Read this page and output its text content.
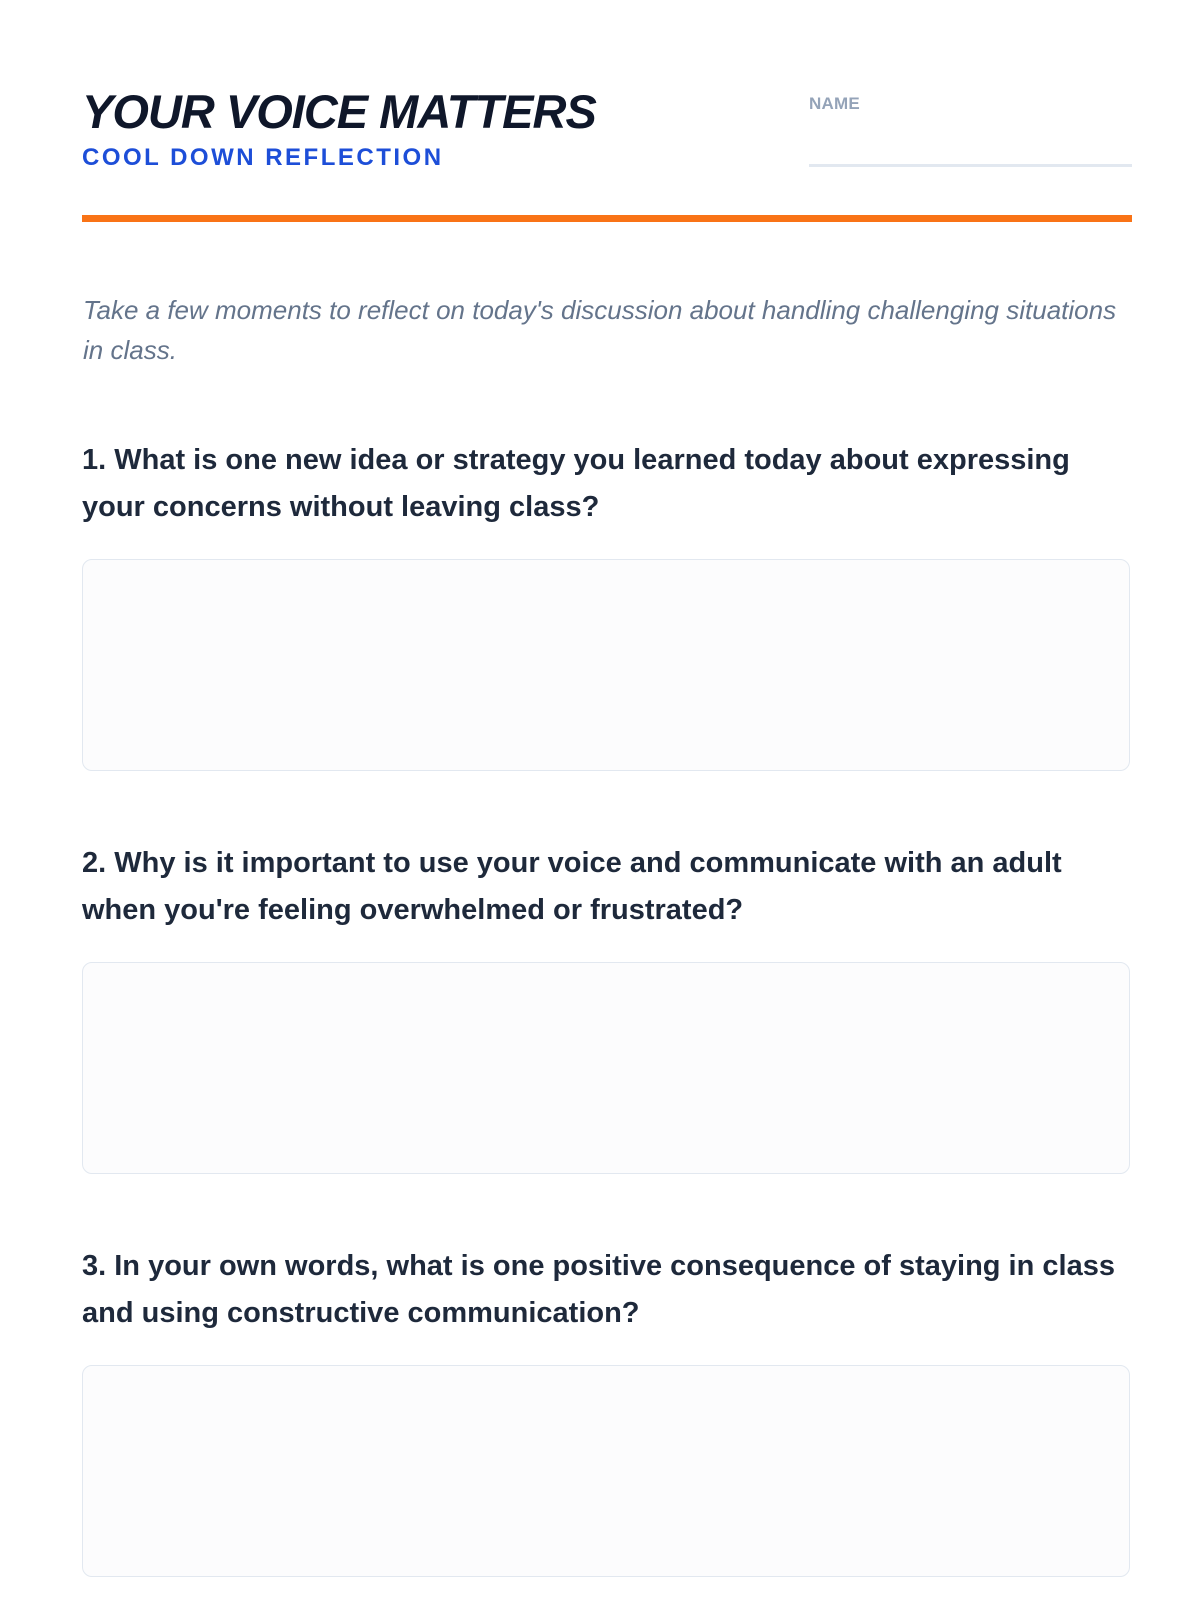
YOUR VOICE MATTERS
COOL DOWN REFLECTION
NAME

Take a few moments to reflect on today's discussion about handling challenging situations in class.

1. What is one new idea or strategy you learned today about expressing your concerns without leaving class?

2. Why is it important to use your voice and communicate with an adult when you're feeling overwhelmed or frustrated?

3. In your own words, what is one positive consequence of staying in class and using constructive communication?
